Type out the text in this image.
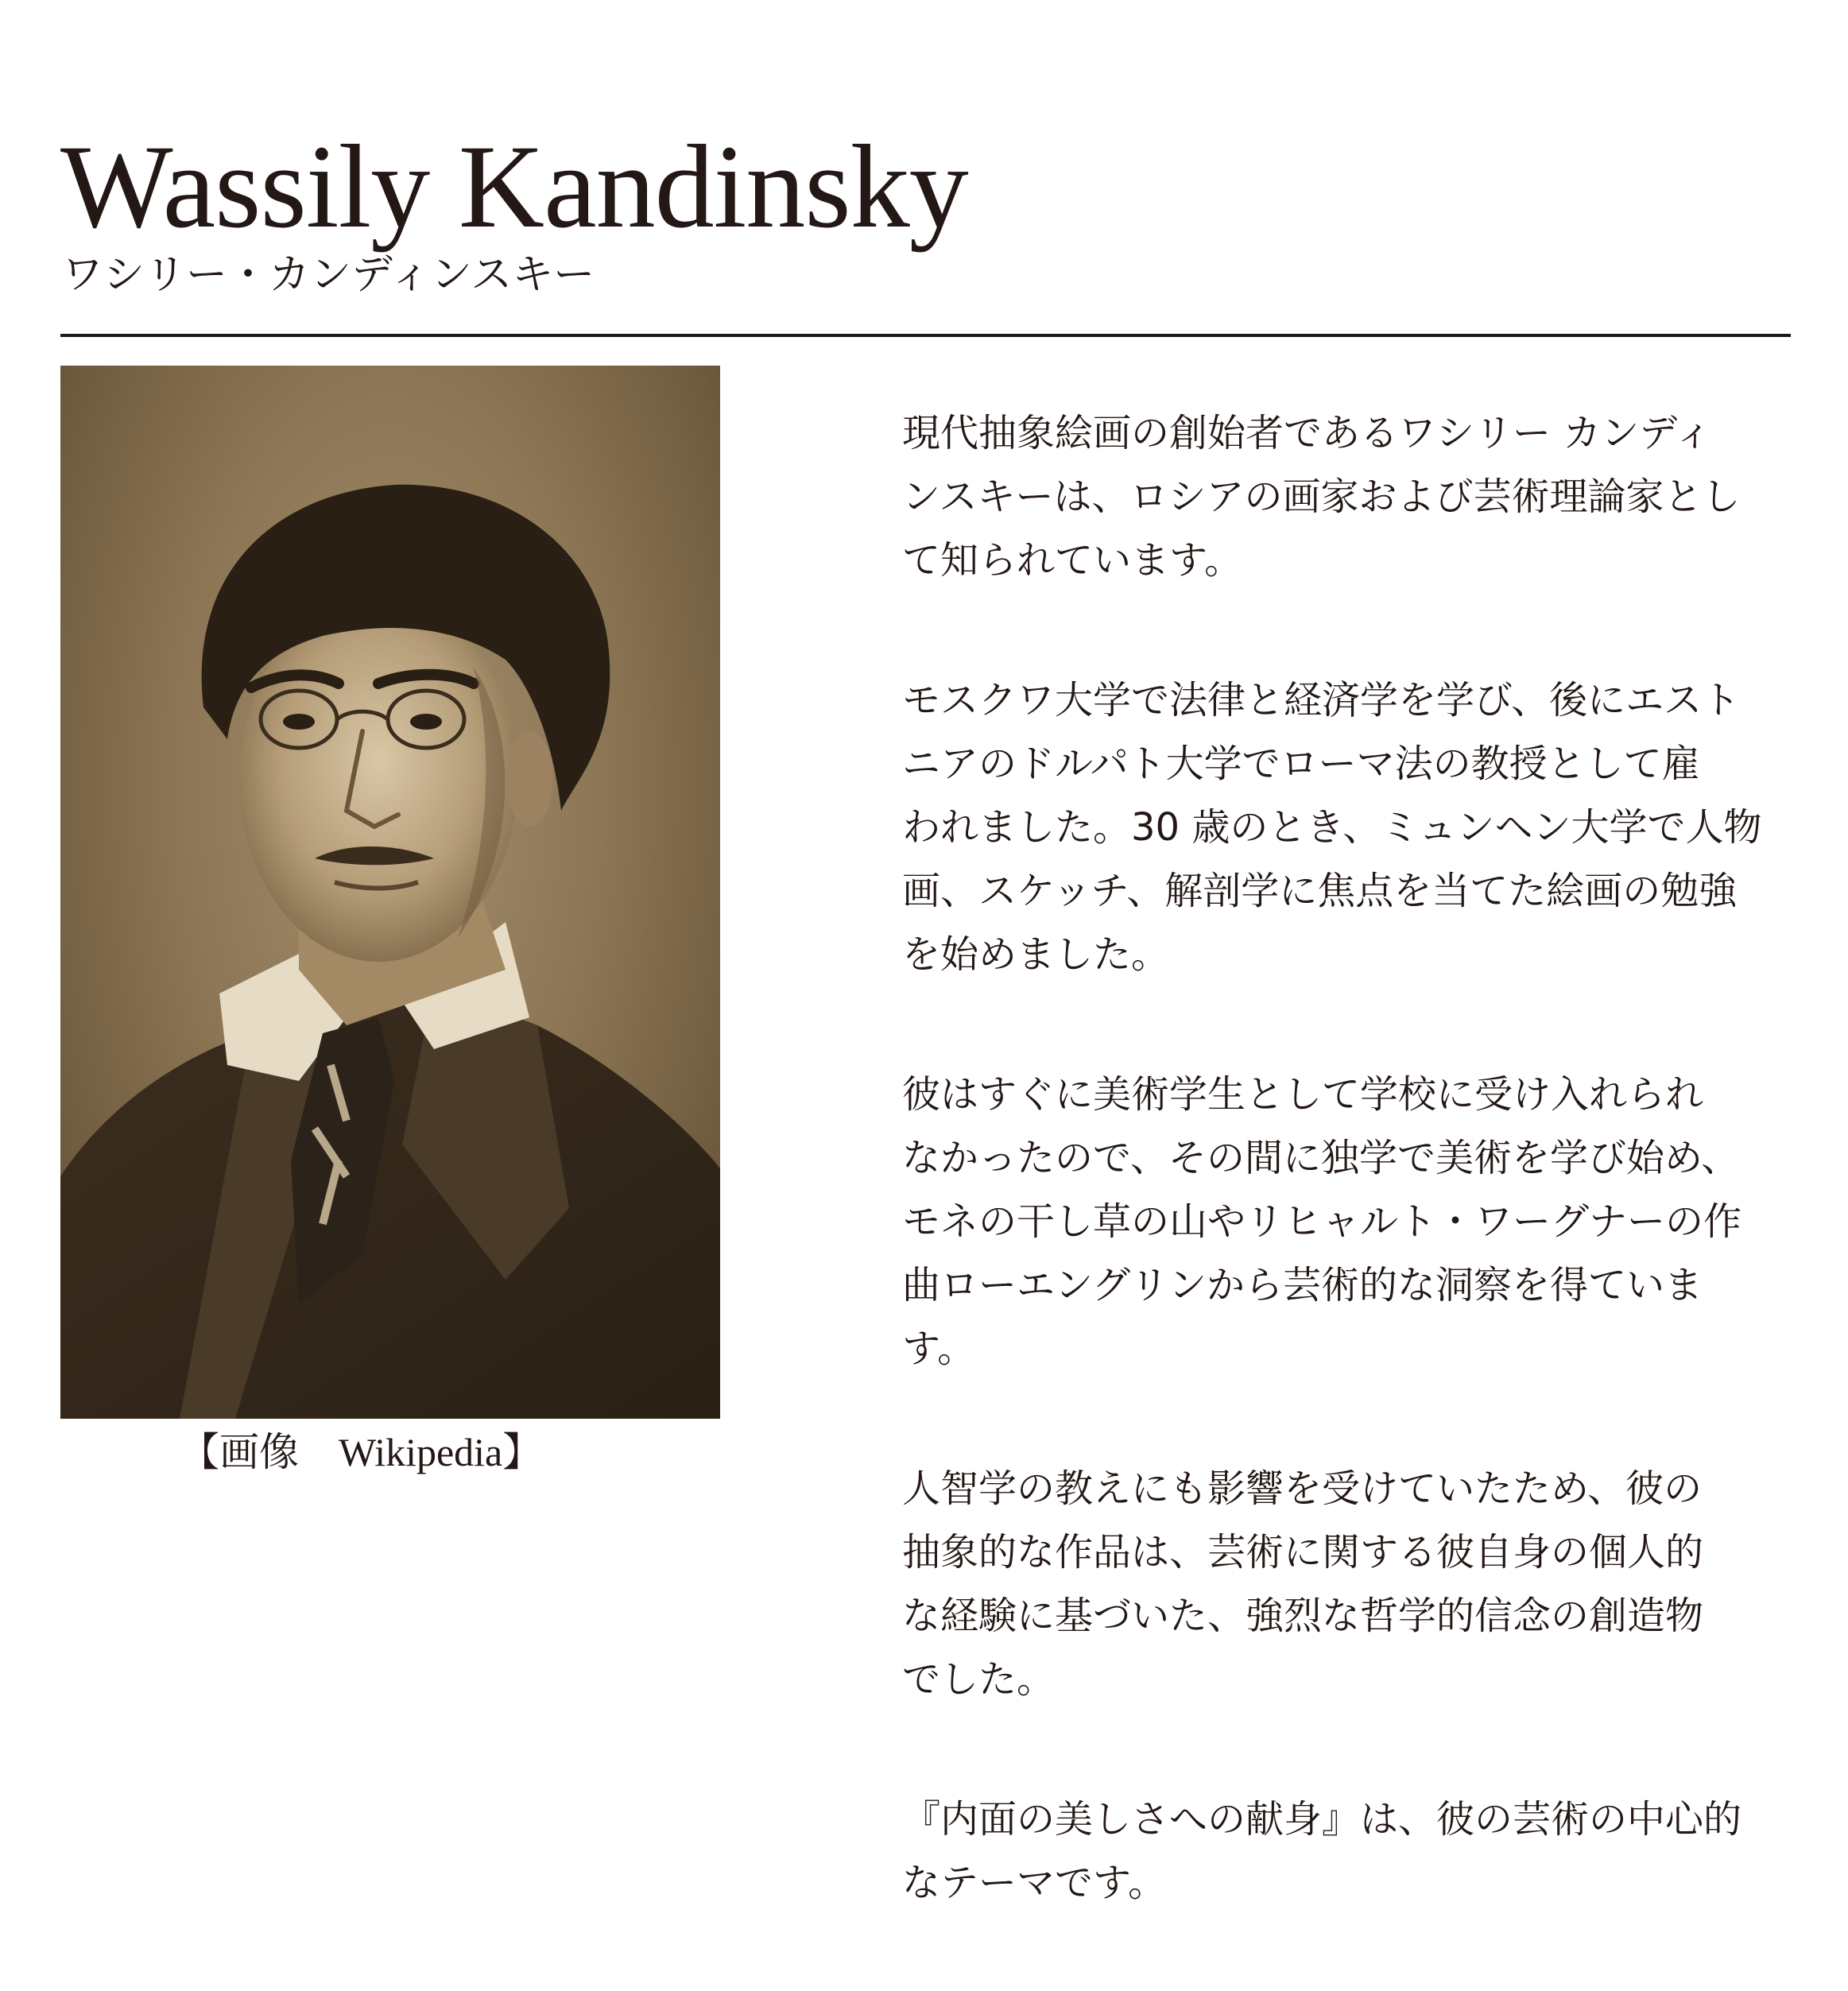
Wassily Kandinsky
ワシリー・カンディンスキー
【画像　Wikipedia】
現代抽象絵画の創始者であるワシリー カンディ
ンスキーは、ロシアの画家および芸術理論家とし
て知られています。
モスクワ大学で法律と経済学を学び、後にエスト
ニアのドルパト大学でローマ法の教授として雇
われました。30 歳のとき、ミュンヘン大学で人物
画、スケッチ、解剖学に焦点を当てた絵画の勉強
を始めました。
彼はすぐに美術学生として学校に受け入れられ
なかったので、その間に独学で美術を学び始め、
モネの干し草の山やリヒャルト・ワーグナーの作
曲ローエングリンから芸術的な洞察を得ていま
す。
人智学の教えにも影響を受けていたため、彼の
抽象的な作品は、芸術に関する彼自身の個人的
な経験に基づいた、強烈な哲学的信念の創造物
でした。
『内面の美しさへの献身』は、彼の芸術の中心的
なテーマです。
